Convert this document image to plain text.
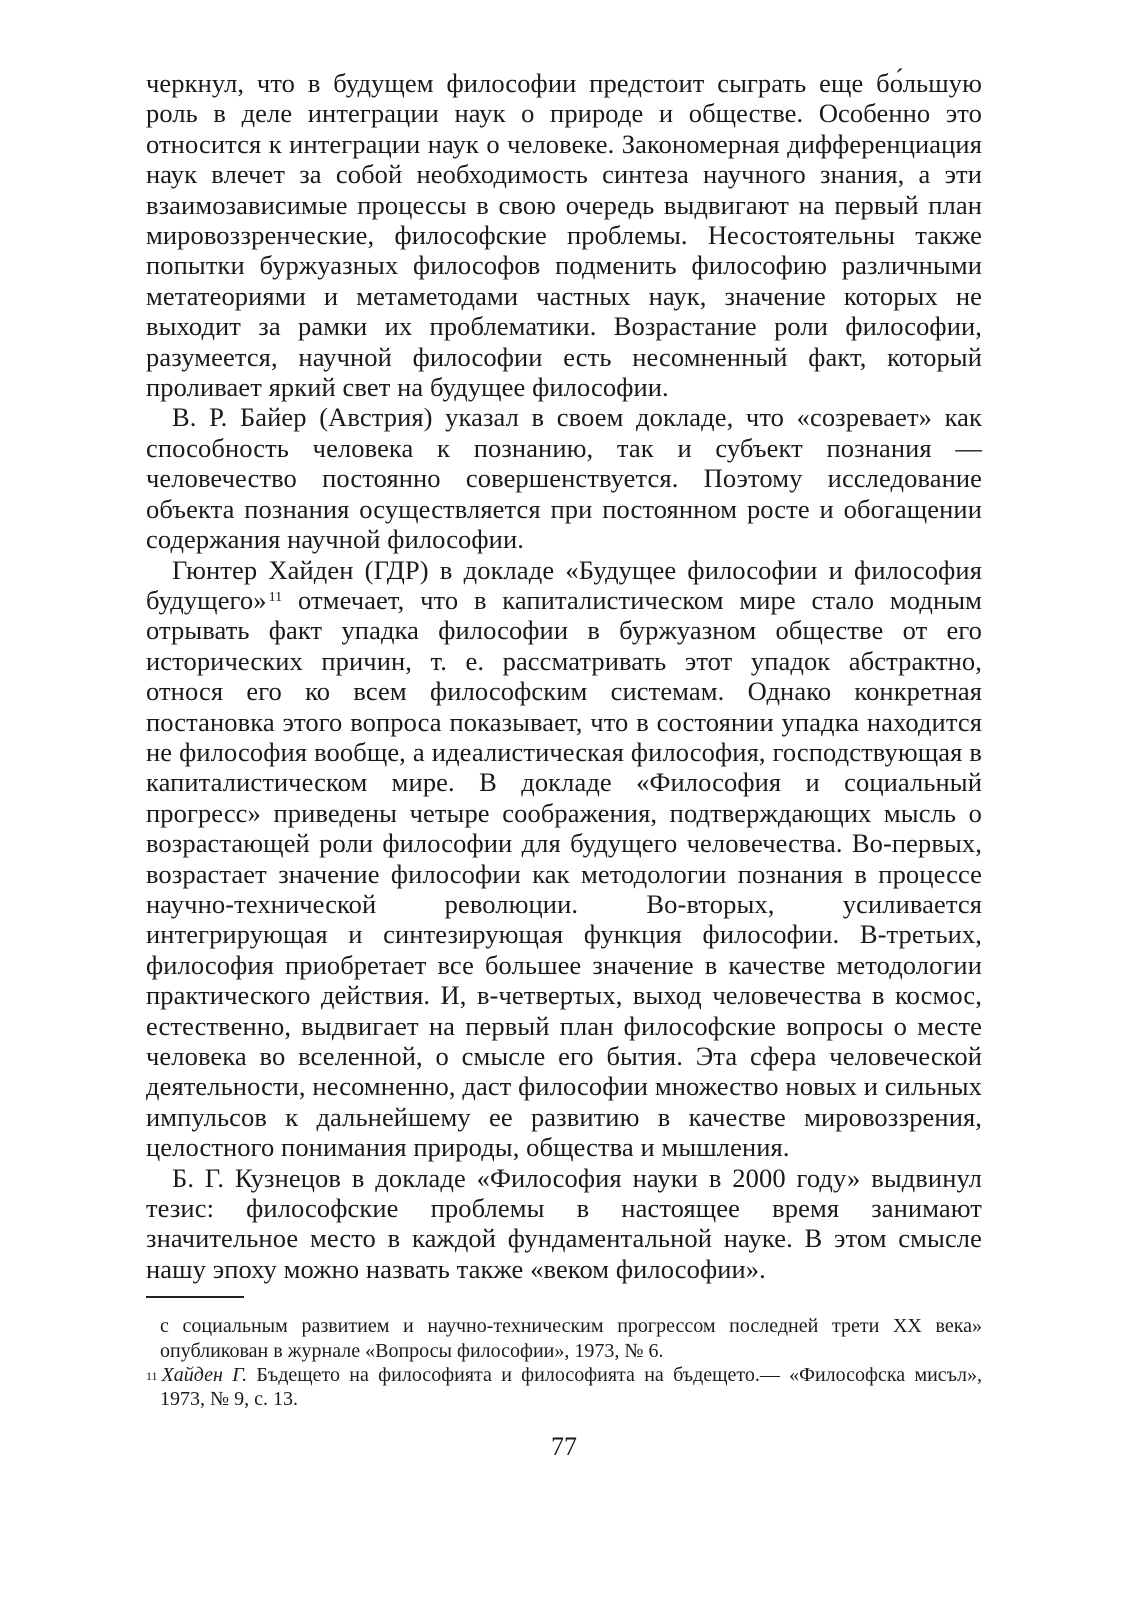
черкнул, что в будущем философии предстоит сыграть еще бо́льшую роль в деле интеграции наук о природе и обществе. Особенно это относится к интеграции наук о человеке. Закономерная дифференциация наук влечет за собой необходимость синтеза научного знания, а эти взаимозависимые процессы в свою очередь выдвигают на первый план мировоззренческие, философские проблемы. Несостоятельны также попытки буржуазных философов подменить философию различными метатеориями и метаметодами частных наук, значение которых не выходит за рамки их проблематики. Возрастание роли философии, разумеется, научной философии есть несомненный факт, который проливает яркий свет на будущее философии.

В. Р. Байер (Австрия) указал в своем докладе, что «созревает» как способность человека к познанию, так и субъект познания — человечество постоянно совершенствуется. Поэтому исследование объекта познания осуществляется при постоянном росте и обогащении содержания научной философии.

Гюнтер Хайден (ГДР) в докладе «Будущее философии и философия будущего» $^{11}$ отмечает, что в капиталистическом мире стало модным отрывать факт упадка философии в буржуазном обществе от его исторических причин, т. е. рассматривать этот упадок абстрактно, относя его ко всем философским системам. Однако конкретная постановка этого вопроса показывает, что в состоянии упадка находится не философия вообще, а идеалистическая философия, господствующая в капиталистическом мире. В докладе «Философия и социальный прогресс» приведены четыре соображения, подтверждающих мысль о возрастающей роли философии для будущего человечества. Во-первых, возрастает значение философии как методологии познания в процессе научно-технической революции. Во-вторых, усиливается интегрирующая и синтезирующая функция философии. В-третьих, философия приобретает все большее значение в качестве методологии практического действия. И, в-четвертых, выход человечества в космос, естественно, выдвигает на первый план философские вопросы о месте человека во вселенной, о смысле его бытия. Эта сфера человеческой деятельности, несомненно, даст философии множество новых и сильных импульсов к дальнейшему ее развитию в качестве мировоззрения, целостного понимания природы, общества и мышления.

Б. Г. Кузнецов в докладе «Философия науки в 2000 году» выдвинул тезис: философские проблемы в настоящее время занимают значительное место в каждой фундаментальной науке. В этом смысле нашу эпоху можно назвать также «веком философии».

с социальным развитием и научно-техническим прогрессом последней трети XX века» опубликован в журнале «Вопросы философии», 1973, № 6.

$^{11}$ Хайден Г. Бъдещето на философията и философията на бъдещето.— «Философска мисъл», 1973, № 9, с. 13.

77
